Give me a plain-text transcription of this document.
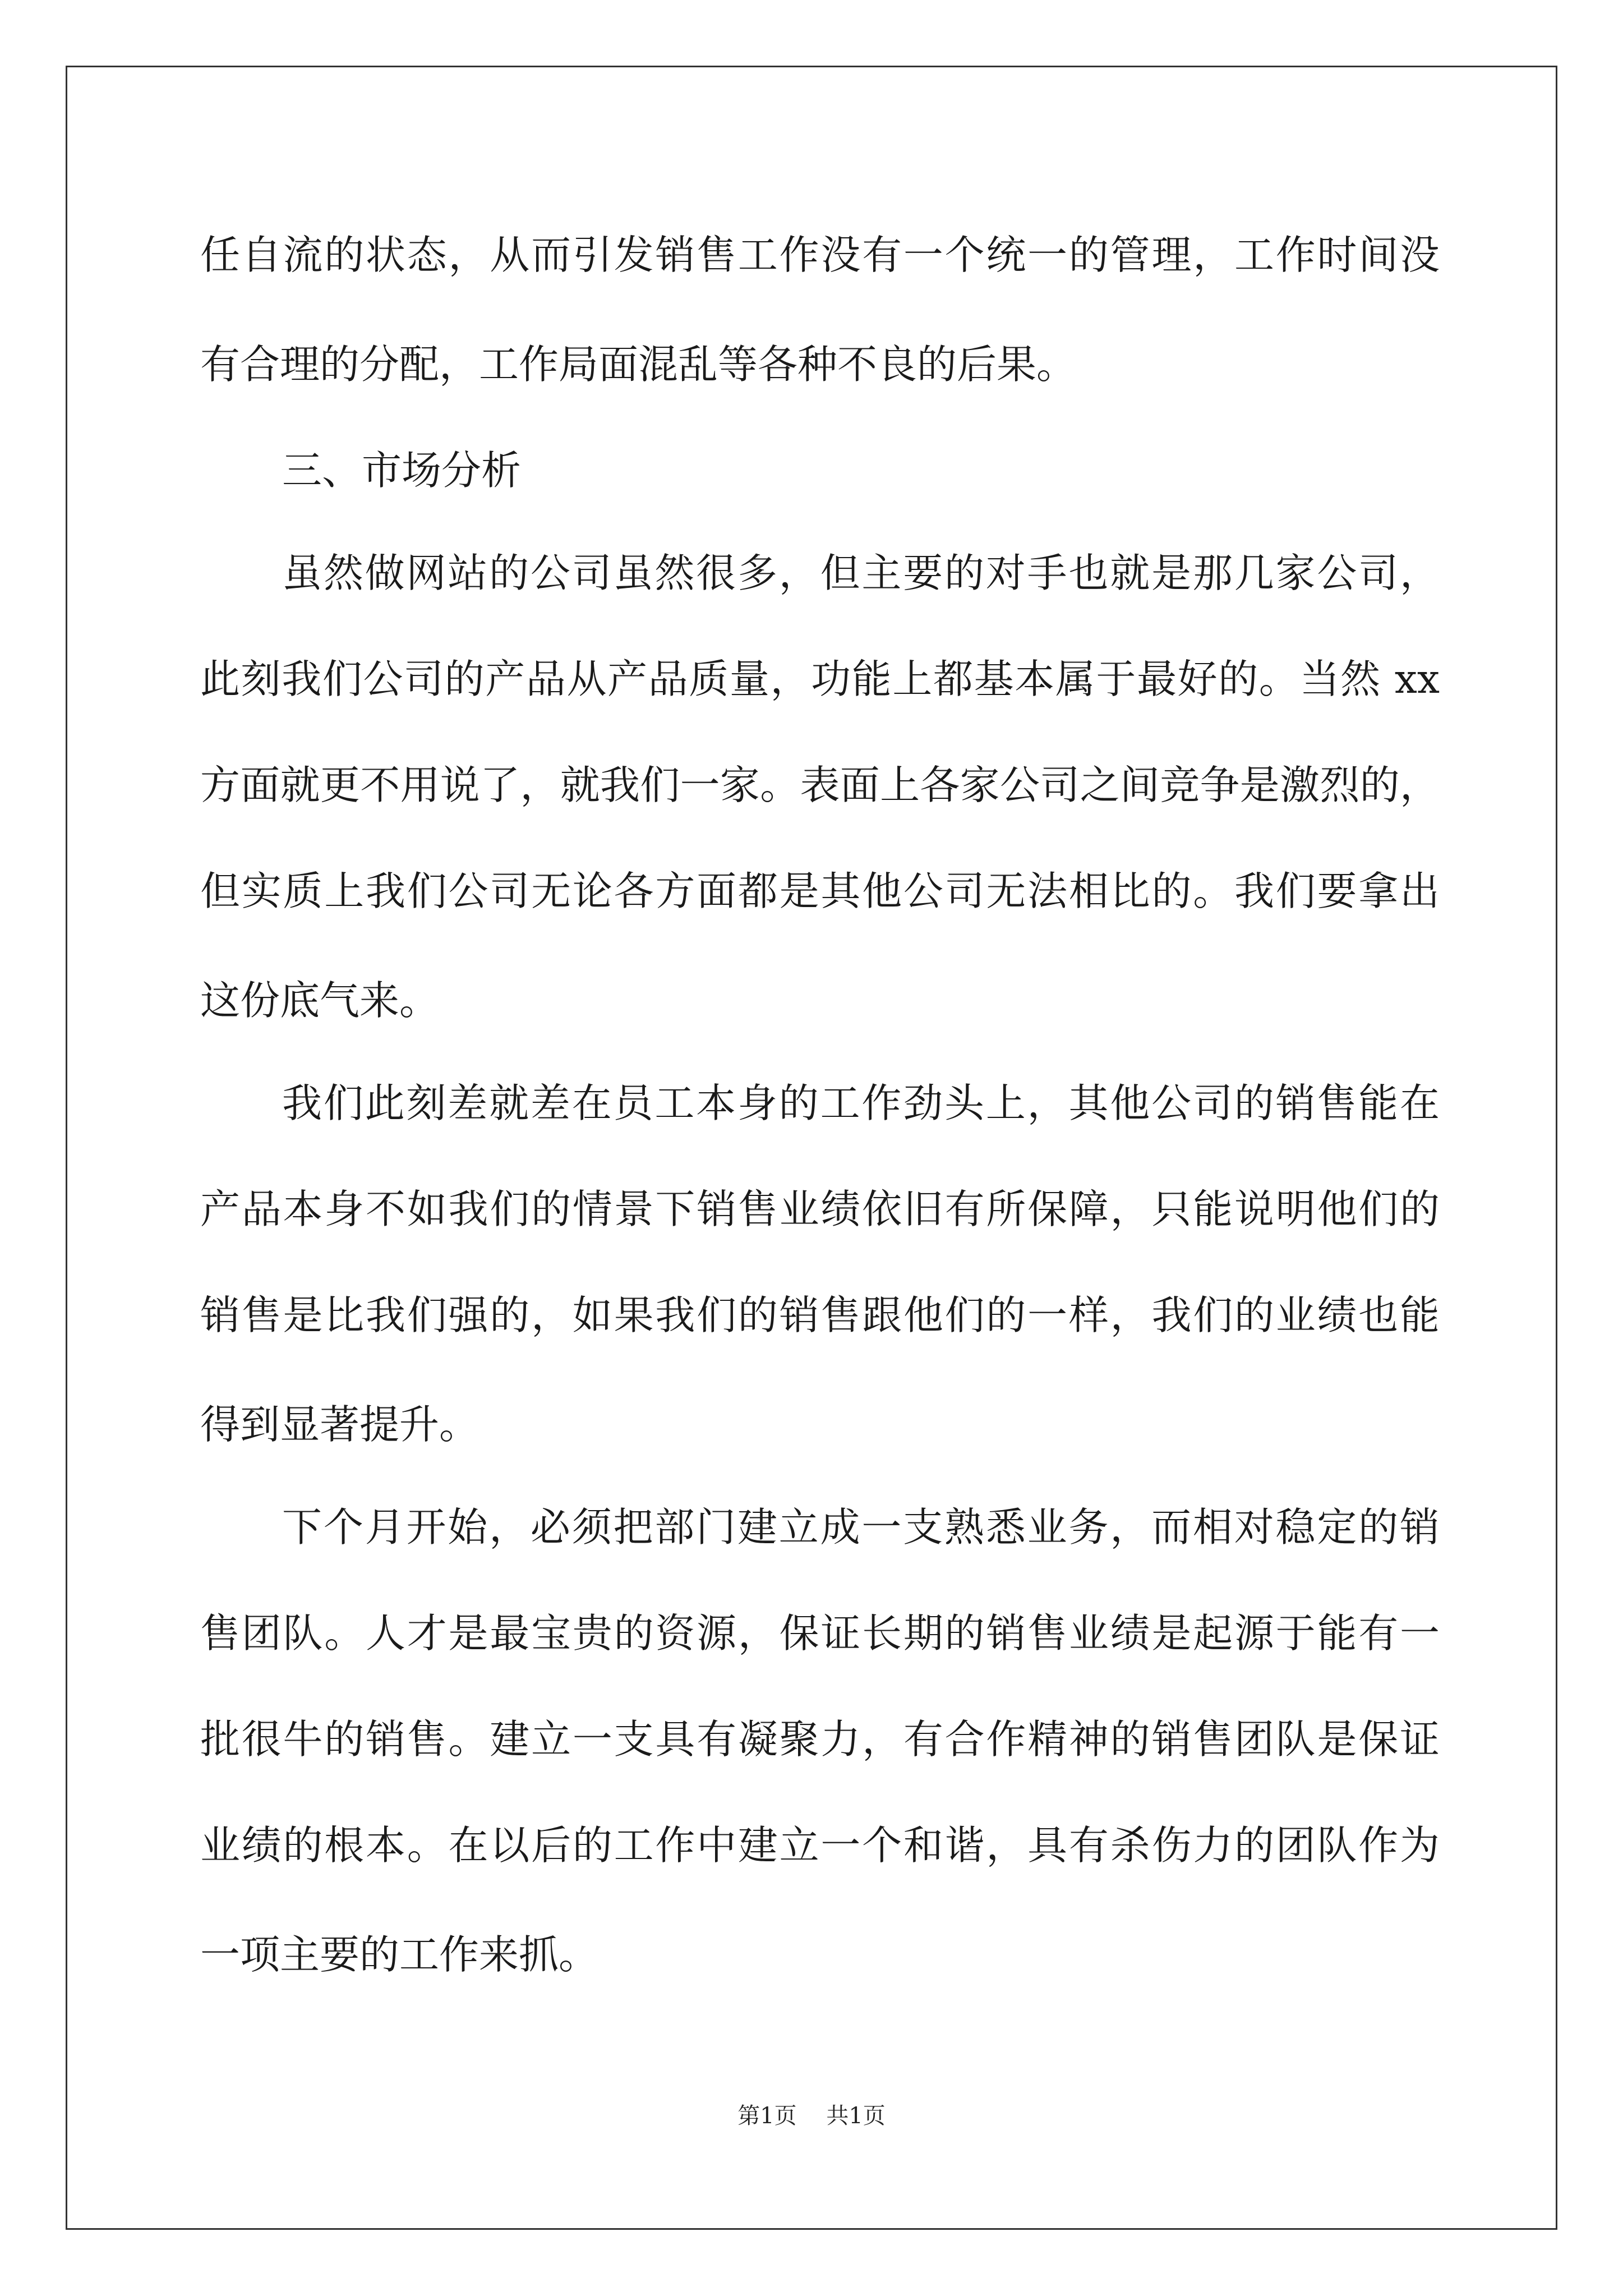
任自流的状态，从而引发销售工作没有一个统一的管理，工作时间没
有合理的分配，工作局面混乱等各种不良的后果。
三、市场分析
虽然做网站的公司虽然很多，但主要的对手也就是那几家公司，
此刻我们公司的产品从产品质量，功能上都基本属于最好的。当然 xx
方面就更不用说了，就我们一家。表面上各家公司之间竞争是激烈的，
但实质上我们公司无论各方面都是其他公司无法相比的。我们要拿出
这份底气来。
我们此刻差就差在员工本身的工作劲头上，其他公司的销售能在
产品本身不如我们的情景下销售业绩依旧有所保障，只能说明他们的
销售是比我们强的，如果我们的销售跟他们的一样，我们的业绩也能
得到显著提升。
下个月开始，必须把部门建立成一支熟悉业务，而相对稳定的销
售团队。人才是最宝贵的资源，保证长期的销售业绩是起源于能有一
批很牛的销售。建立一支具有凝聚力，有合作精神的销售团队是保证
业绩的根本。在以后的工作中建立一个和谐，具有杀伤力的团队作为
一项主要的工作来抓。
第1页 共1页
